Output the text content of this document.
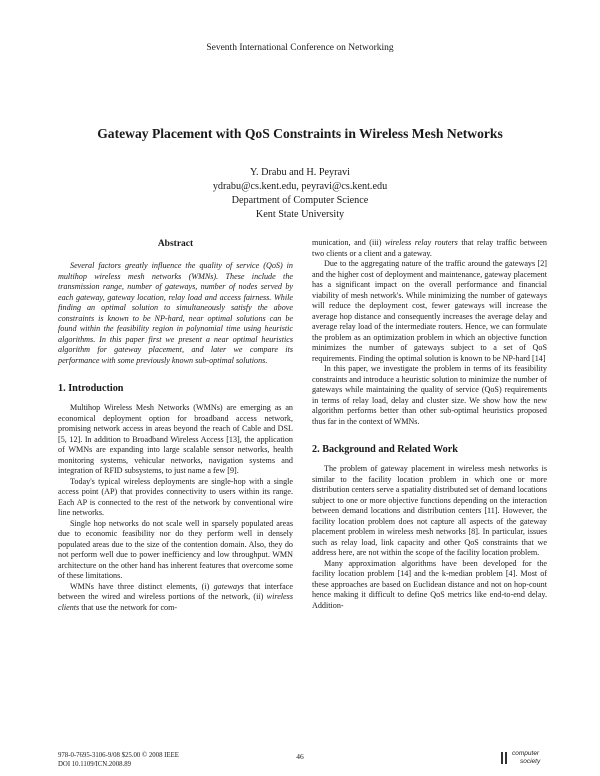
Seventh International Conference on Networking
Gateway Placement with QoS Constraints in Wireless Mesh Networks
Y. Drabu and H. Peyravi
ydrabu@cs.kent.edu, peyravi@cs.kent.edu
Department of Computer Science
Kent State University
Abstract

Several factors greatly influence the quality of service (QoS) in multihop wireless mesh networks (WMNs). These include the transmission range, number of gateways, number of nodes served by each gateway, gateway location, relay load and access fairness. While finding an optimal solution to simultaneously satisfy the above constraints is known to be NP-hard, near optimal solutions can be found within the feasibility region in polynomial time using heuristic algorithms. In this paper first we present a near optimal heuristics algorithm for gateway placement, and later we compare its performance with some previously known sub-optimal solutions.

1. Introduction

Multihop Wireless Mesh Networks (WMNs) are emerging as an economical deployment option for broadband access network, promising network access in areas beyond the reach of Cable and DSL [5, 12]. In addition to Broadband Wireless Access [13], the application of WMNs are expanding into large scalable sensor networks, health monitoring systems, vehicular networks, navigation systems and integration of RFID subsystems, to just name a few [9].

Today's typical wireless deployments are single-hop with a single access point (AP) that provides connectivity to users within its range. Each AP is connected to the rest of the network by conventional wire line networks.

Single hop networks do not scale well in sparsely populated areas due to economic feasibility nor do they perform well in densely populated areas due to the size of the contention domain. Also, they do not perform well due to power inefficiency and low throughput. WMN architecture on the other hand has inherent features that overcome some of these limitations.

WMNs have three distinct elements, (i) gateways that interface between the wired and wireless portions of the network, (ii) wireless clients that use the network for com-

munication, and (iii) wireless relay routers that relay traffic between two clients or a client and a gateway.

Due to the aggregating nature of the traffic around the gateways [2] and the higher cost of deployment and maintenance, gateway placement has a significant impact on the overall performance and financial viability of mesh network's. While minimizing the number of gateways will reduce the deployment cost, fewer gateways will increase the average hop distance and consequently increases the average delay and average relay load of the intermediate routers. Hence, we can formulate the problem as an optimization problem in which an objective function minimizes the number of gateways subject to a set of QoS requirements. Finding the optimal solution is known to be NP-hard [14]

In this paper, we investigate the problem in terms of its feasibility constraints and introduce a heuristic solution to minimize the number of gateways while maintaining the quality of service (QoS) requirements in terms of relay load, delay and cluster size. We show how the new algorithm performs better than other sub-optimal heuristics proposed thus far in the context of WMNs.

2. Background and Related Work

The problem of gateway placement in wireless mesh networks is similar to the facility location problem in which one or more distribution centers serve a spatiality distributed set of demand locations subject to one or more objective functions depending on the interaction between demand locations and distribution centers [11]. However, the facility location problem does not capture all aspects of the gateway placement problem in wireless mesh networks [8]. In particular, issues such as relay load, link capacity and other QoS constraints that we address here, are not within the scope of the facility location problem.

Many approximation algorithms have been developed for the facility location problem [14] and the k-median problem [4]. Most of these approaches are based on Euclidean distance and not on hop-count hence making it difficult to define QoS metrics like end-to-end delay. Addition-

978-0-7695-3106-9/08 $25.00 © 2008 IEEE
DOI 10.1109/ICN.2008.89
46	computer
society
